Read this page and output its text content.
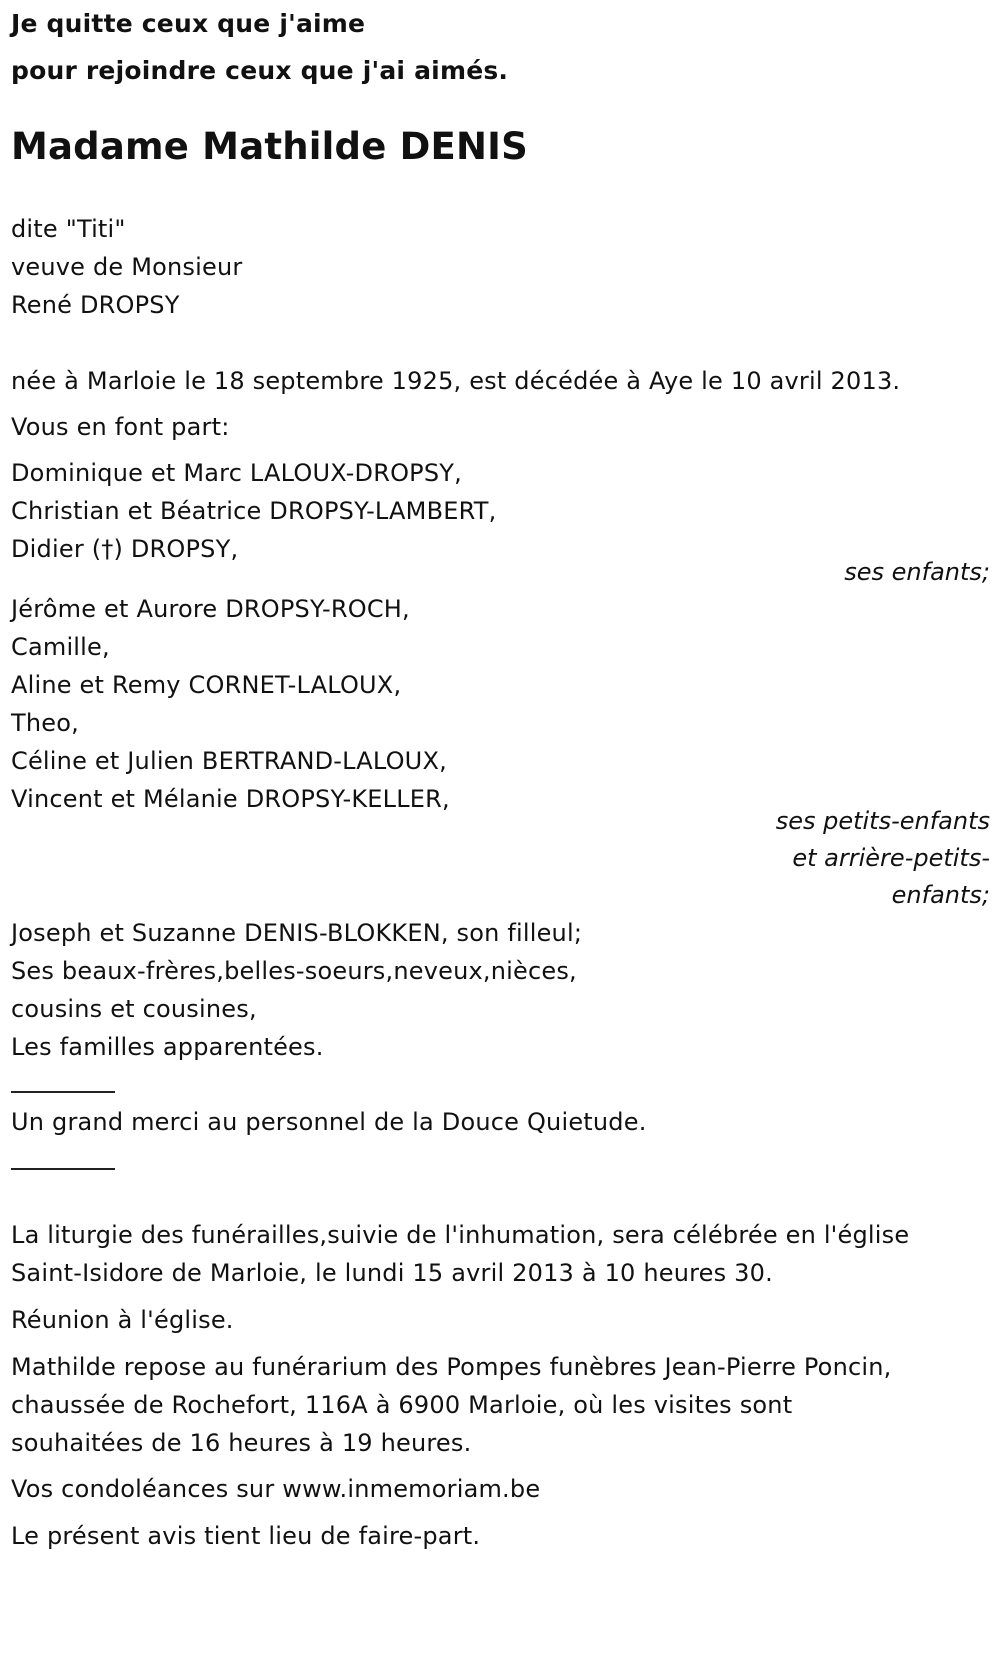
Je quitte ceux que j'aime
pour rejoindre ceux que j'ai aimés.
Madame Mathilde DENIS
dite "Titi"
veuve de Monsieur
René DROPSY
née à Marloie le 18 septembre 1925, est décédée à Aye le 10 avril 2013.
Vous en font part:
Dominique et Marc LALOUX-DROPSY,
Christian et Béatrice DROPSY-LAMBERT,
Didier (†) DROPSY,
ses enfants;
Jérôme et Aurore DROPSY-ROCH,
Camille,
Aline et Remy CORNET-LALOUX,
Theo,
Céline et Julien BERTRAND-LALOUX,
Vincent et Mélanie DROPSY-KELLER,
ses petits-enfants
et arrière-petits-
enfants;
Joseph et Suzanne DENIS-BLOKKEN, son filleul;
Ses beaux-frères,belles-soeurs,neveux,nièces,
cousins et cousines,
Les familles apparentées.
Un grand merci au personnel de la Douce Quietude.
La liturgie des funérailles,suivie de l'inhumation, sera célébrée en l'église
Saint-Isidore de Marloie, le lundi 15 avril 2013 à 10 heures 30.
Réunion à l'église.
Mathilde repose au funérarium des Pompes funèbres Jean-Pierre Poncin,
chaussée de Rochefort, 116A à 6900 Marloie, où les visites sont
souhaitées de 16 heures à 19 heures.
Vos condoléances sur www.inmemoriam.be
Le présent avis tient lieu de faire-part.
